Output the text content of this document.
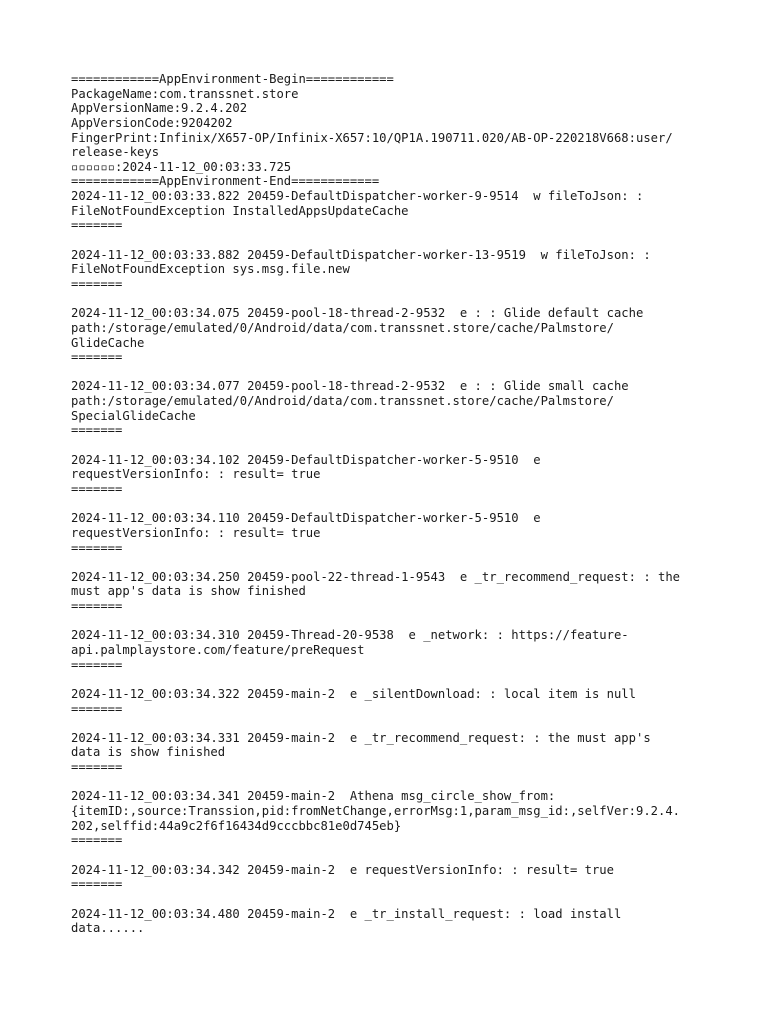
============AppEnvironment-Begin============
PackageName:com.transsnet.store
AppVersionName:9.2.4.202
AppVersionCode:9204202
FingerPrint:Infinix/X657-OP/Infinix-X657:10/QP1A.190711.020/AB-OP-220218V668:user/
release-keys
▫▫▫▫▫▫:2024-11-12_00:03:33.725
============AppEnvironment-End============
2024-11-12_00:03:33.822 20459-DefaultDispatcher-worker-9-9514  w fileToJson: :
FileNotFoundException InstalledAppsUpdateCache
=======
2024-11-12_00:03:33.882 20459-DefaultDispatcher-worker-13-9519  w fileToJson: :
FileNotFoundException sys.msg.file.new
=======
2024-11-12_00:03:34.075 20459-pool-18-thread-2-9532  e : : Glide default cache
path:/storage/emulated/0/Android/data/com.transsnet.store/cache/Palmstore/
GlideCache
=======
2024-11-12_00:03:34.077 20459-pool-18-thread-2-9532  e : : Glide small cache
path:/storage/emulated/0/Android/data/com.transsnet.store/cache/Palmstore/
SpecialGlideCache
=======
2024-11-12_00:03:34.102 20459-DefaultDispatcher-worker-5-9510  e
requestVersionInfo: : result= true
=======
2024-11-12_00:03:34.110 20459-DefaultDispatcher-worker-5-9510  e
requestVersionInfo: : result= true
=======
2024-11-12_00:03:34.250 20459-pool-22-thread-1-9543  e _tr_recommend_request: : the
must app's data is show finished
=======
2024-11-12_00:03:34.310 20459-Thread-20-9538  e _network: : https://feature-
api.palmplaystore.com/feature/preRequest
=======
2024-11-12_00:03:34.322 20459-main-2  e _silentDownload: : local item is null
=======
2024-11-12_00:03:34.331 20459-main-2  e _tr_recommend_request: : the must app's
data is show finished
=======
2024-11-12_00:03:34.341 20459-main-2  Athena msg_circle_show_from:
{itemID:,source:Transsion,pid:fromNetChange,errorMsg:1,param_msg_id:,selfVer:9.2.4.
202,selffid:44a9c2f6f16434d9cccbbc81e0d745eb}
=======
2024-11-12_00:03:34.342 20459-main-2  e requestVersionInfo: : result= true
=======
2024-11-12_00:03:34.480 20459-main-2  e _tr_install_request: : load install
data......
